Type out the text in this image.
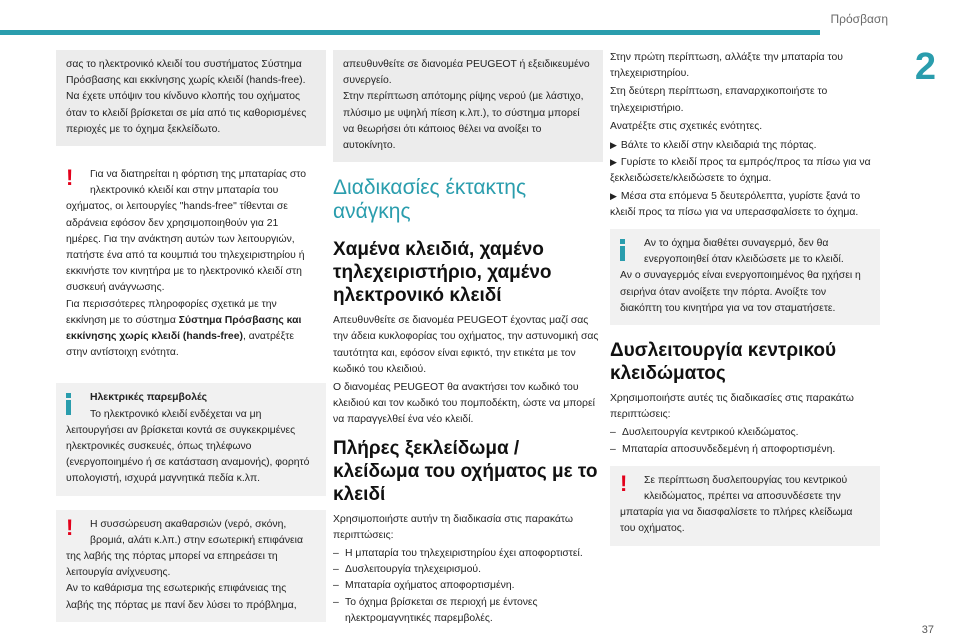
Πρόσβαση
2

σας το ηλεκτρονικό κλειδί του συστήματος Σύστημα Πρόσβασης και εκκίνησης χωρίς κλειδί (hands-free). Να έχετε υπόψιν του κίνδυνο κλοπής του οχήματος όταν το κλειδί βρίσκεται σε μία από τις καθορισμένες περιοχές με το όχημα ξεκλείδωτο.

!	Για να διατηρείται η φόρτιση της μπαταρίας στο ηλεκτρονικό κλειδί και στην μπαταρία του

οχήματος, οι λειτουργίες "hands-free" τίθενται σε αδράνεια εφόσον δεν χρησιμοποιηθούν για 21 ημέρες. Για την ανάκτηση αυτών των λειτουργιών, πατήστε ένα από τα κουμπιά του τηλεχειριστηρίου ή εκκινήστε τον κινητήρα με το ηλεκτρονικό κλειδί στη συσκευή ανάγνωσης.

Για περισσότερες πληροφορίες σχετικά με την εκκίνηση με το σύστημα Σύστημα Πρόσβασης και εκκίνησης χωρίς κλειδί (hands-free), ανατρέξτε στην αντίστοιχη ενότητα.

Ηλεκτρικές παρεμβολές

Το ηλεκτρονικό κλειδί ενδέχεται να μη

λειτουργήσει αν βρίσκεται κοντά σε συγκεκριμένες ηλεκτρονικές συσκευές, όπως τηλέφωνο (ενεργοποιημένο ή σε κατάσταση αναμονής), φορητό υπολογιστή, ισχυρά μαγνητικά πεδία κ.λπ.

!	Η συσσώρευση ακαθαρσιών (νερό, σκόνη, βρομιά, αλάτι κ.λπ.) στην εσωτερική επιφάνεια

της λαβής της πόρτας μπορεί να επηρεάσει τη λειτουργία ανίχνευσης.

Αν το καθάρισμα της εσωτερικής επιφάνειας της λαβής της πόρτας με πανί δεν λύσει το πρόβλημα,

απευθυνθείτε σε διανομέα PEUGEOT ή εξειδικευμένο συνεργείο.

Στην περίπτωση απότομης ρίψης νερού (με λάστιχο, πλύσιμο με υψηλή πίεση κ.λπ.), το σύστημα μπορεί να θεωρήσει ότι κάποιος θέλει να ανοίξει το αυτοκίνητο.

Διαδικασίες έκτακτης ανάγκης
Χαμένα κλειδιά, χαμένο τηλεχειριστήριο, χαμένο ηλεκτρονικό κλειδί

Απευθυνθείτε σε διανομέα PEUGEOT έχοντας μαζί σας την άδεια κυκλοφορίας του οχήματος, την αστυνομική σας ταυτότητα και, εφόσον είναι εφικτό, την ετικέτα με τον κωδικό του κλειδιού.

Ο διανομέας PEUGEOT θα ανακτήσει τον κωδικό του κλειδιού και τον κωδικό του πομποδέκτη, ώστε να μπορεί να παραγγελθεί ένα νέο κλειδί.

Πλήρες ξεκλείδωμα / κλείδωμα του οχήματος με το κλειδί

Χρησιμοποιήστε αυτήν τη διαδικασία στις παρακάτω περιπτώσεις:

– Η μπαταρία του τηλεχειριστηρίου έχει αποφορτιστεί.
– Δυσλειτουργία τηλεχειρισμού.
– Μπαταρία οχήματος αποφορτισμένη.
– Το όχημα βρίσκεται σε περιοχή με έντονες ηλεκτρομαγνητικές παρεμβολές.

Στην πρώτη περίπτωση, αλλάξτε την μπαταρία του τηλεχειριστηρίου.

Στη δεύτερη περίπτωση, επαναρχικοποιήστε το τηλεχειριστήριο.

Ανατρέξτε στις σχετικές ενότητες.

▶ Βάλτε το κλειδί στην κλειδαριά της πόρτας.
▶ Γυρίστε το κλειδί προς τα εμπρός/προς τα πίσω για να ξεκλειδώσετε/κλειδώσετε το όχημα.
▶ Μέσα στα επόμενα 5 δευτερόλεπτα, γυρίστε ξανά το κλειδί προς τα πίσω για να υπερασφαλίσετε το όχημα.

Αν το όχημα διαθέτει συναγερμό, δεν θα ενεργοποιηθεί όταν κλειδώσετε με το κλειδί.

Αν ο συναγερμός είναι ενεργοποιημένος θα ηχήσει η σειρήνα όταν ανοίξετε την πόρτα. Ανοίξτε τον διακόπτη του κινητήρα για να τον σταματήσετε.

Δυσλειτουργία κεντρικού κλειδώματος

Χρησιμοποιήστε αυτές τις διαδικασίες στις παρακάτω περιπτώσεις:

– Δυσλειτουργία κεντρικού κλειδώματος.
– Μπαταρία αποσυνδεδεμένη ή αποφορτισμένη.
!	Σε περίπτωση δυσλειτουργίας του κεντρικού κλειδώματος, πρέπει να αποσυνδέσετε την

μπαταρία για να διασφαλίσετε το πλήρες κλείδωμα του οχήματος.

37
